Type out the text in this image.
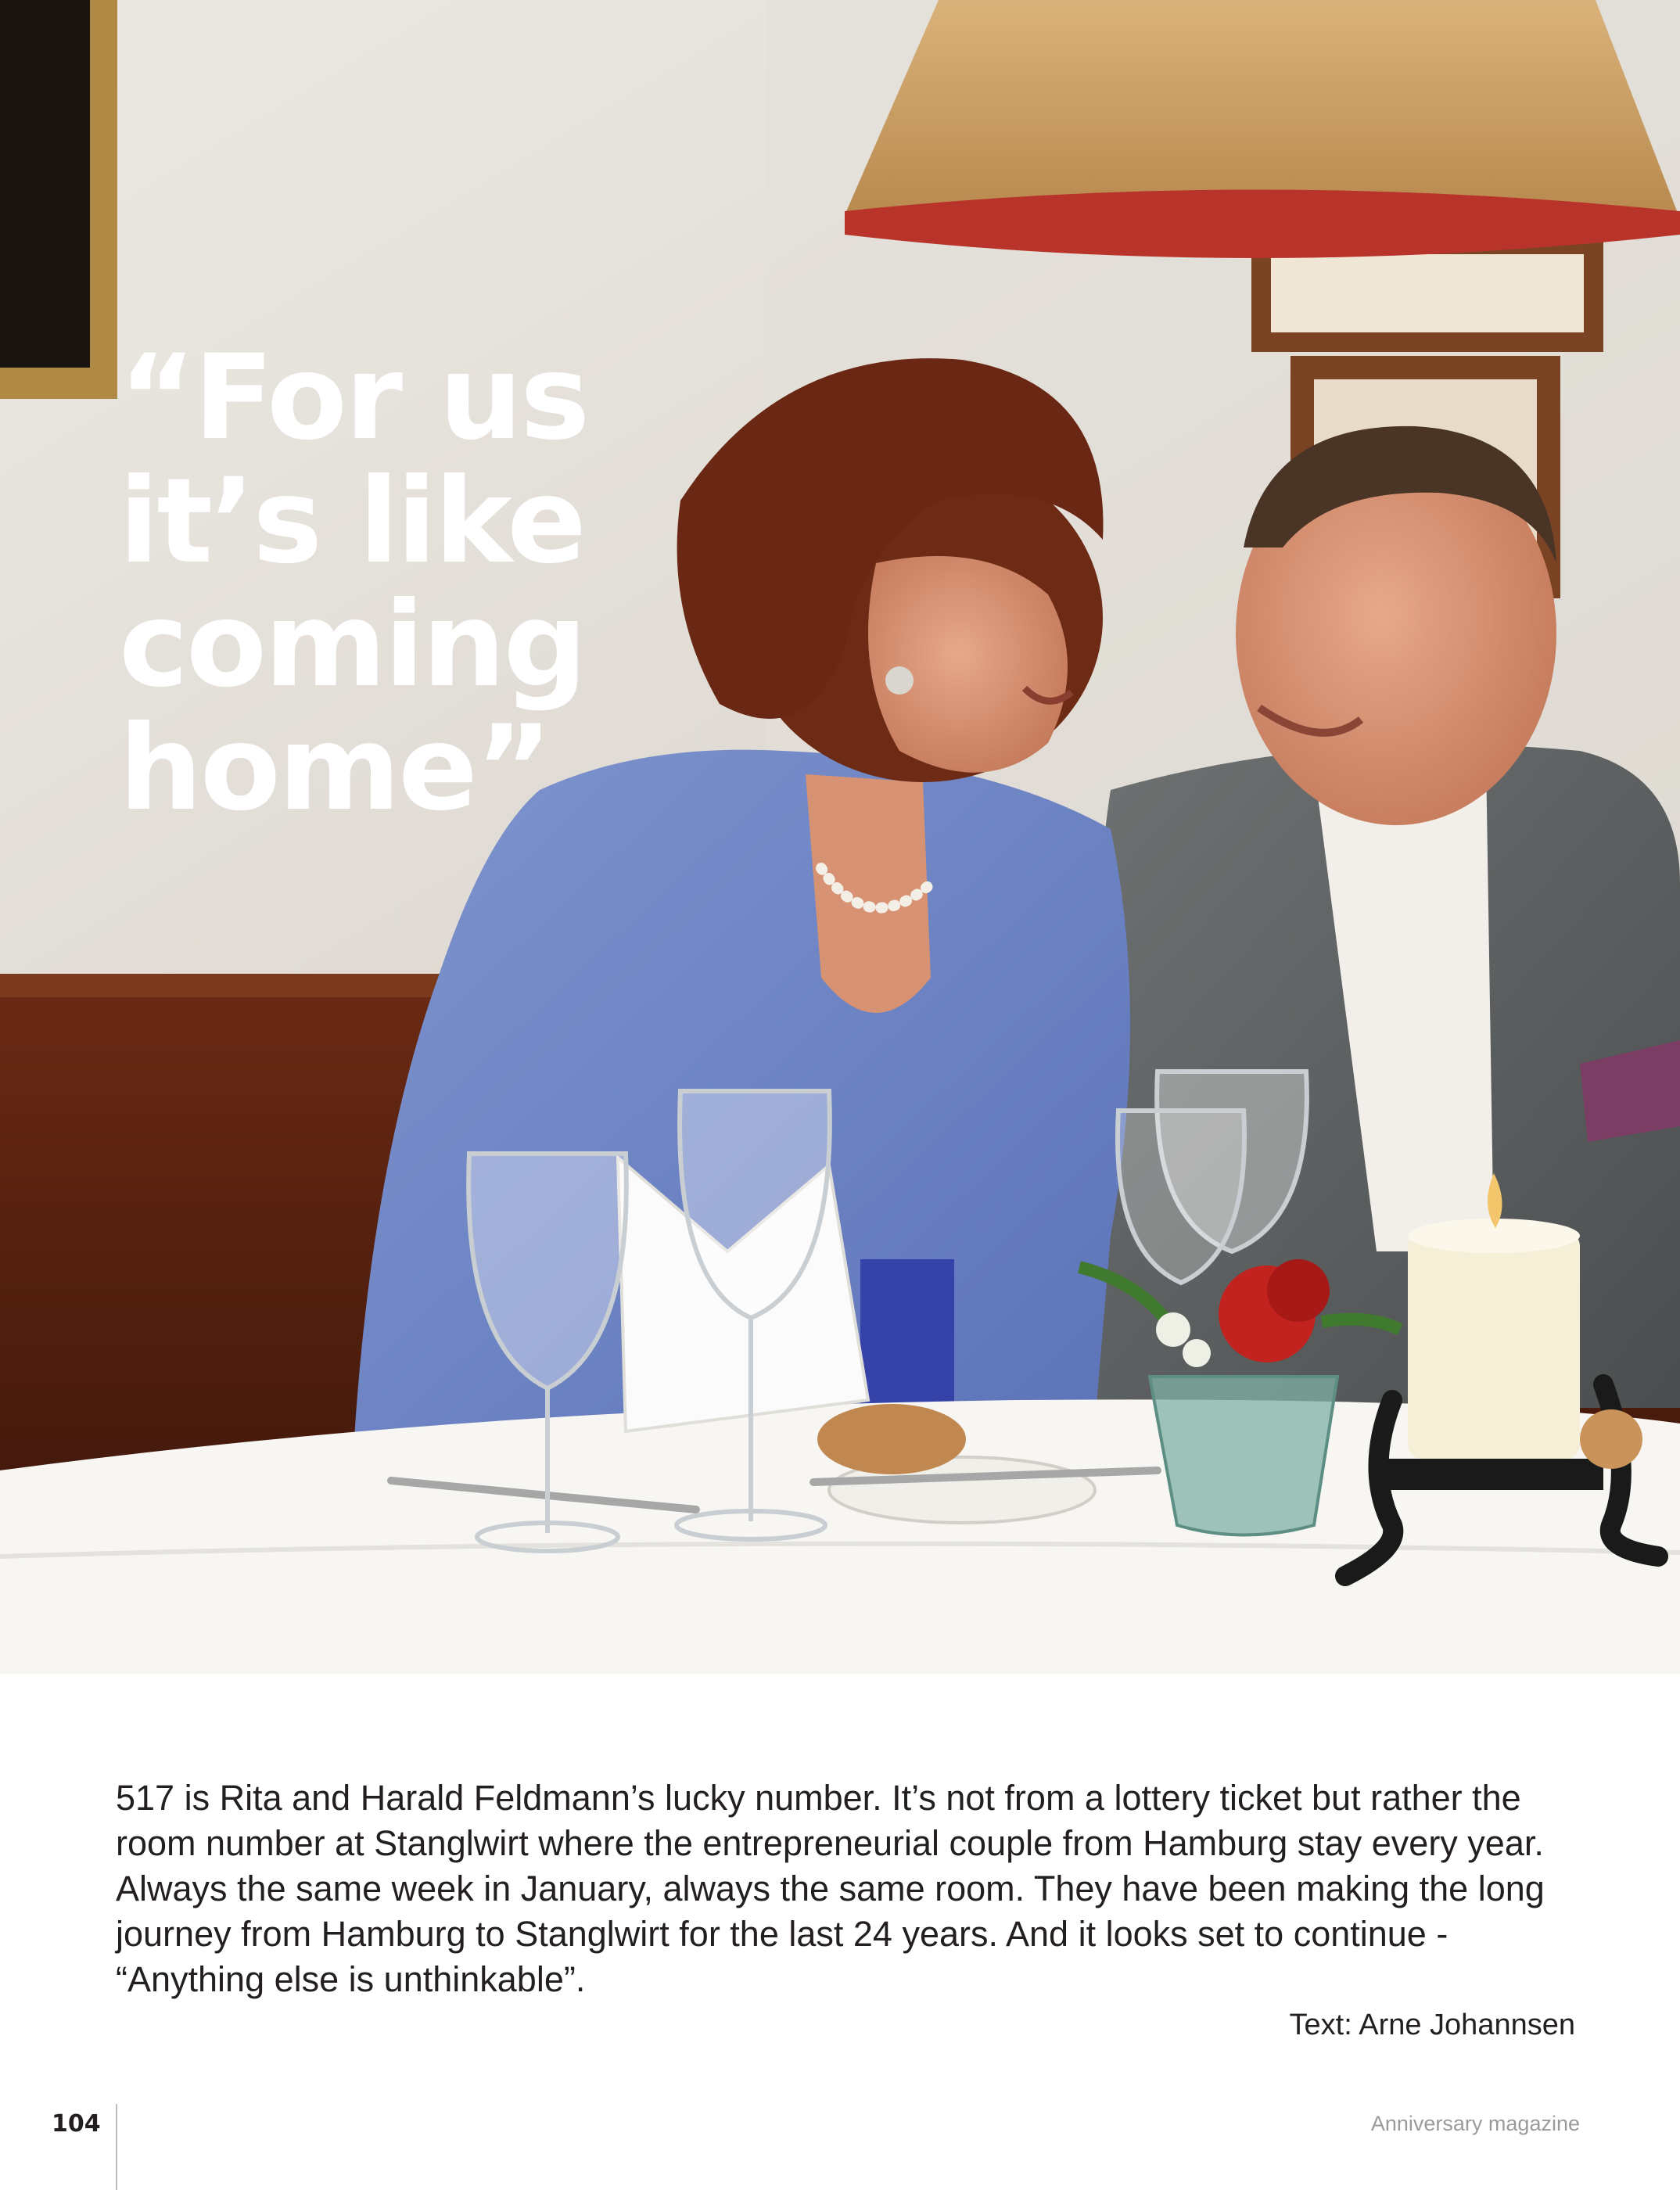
“For us
it’s like
coming
home”

517 is Rita and Harald Feldmann’s lucky number. It’s not from a lottery ticket but rather the room number at Stanglwirt where the entrepreneurial couple from Hamburg stay every year. Always the same week in January, always the same room. They have been making the long journey from Hamburg to Stanglwirt for the last 24 years. And it looks set to continue - “Anything else is unthinkable”.

Text: Arne Johannsen

104	Anniversary magazine
